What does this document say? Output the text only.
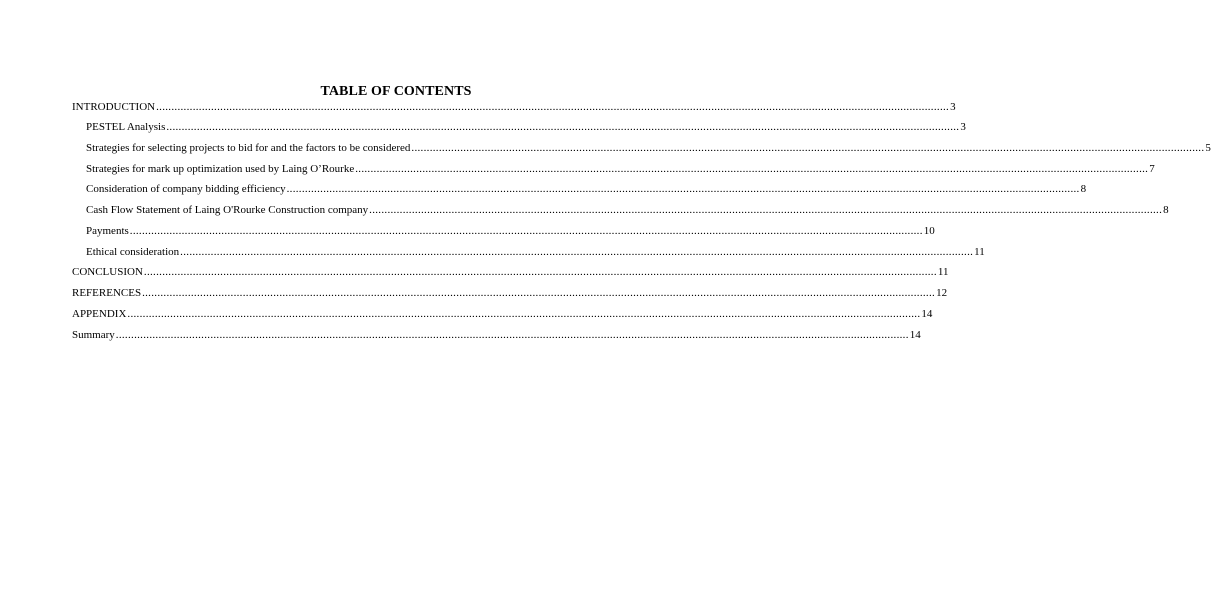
TABLE OF CONTENTS
INTRODUCTION .....	3
PESTEL Analysis .....	3
Strategies for selecting projects to bid for and the factors to be considered .....	5
Strategies for mark up optimization used by Laing O’Rourke .....	7
Consideration of company bidding efficiency .....	8
Cash Flow Statement of Laing O'Rourke Construction company .....	8
Payments .....	10
Ethical consideration .....	11
CONCLUSION .....	11
REFERENCES .....	12
APPENDIX .....	14
Summary .....	14
